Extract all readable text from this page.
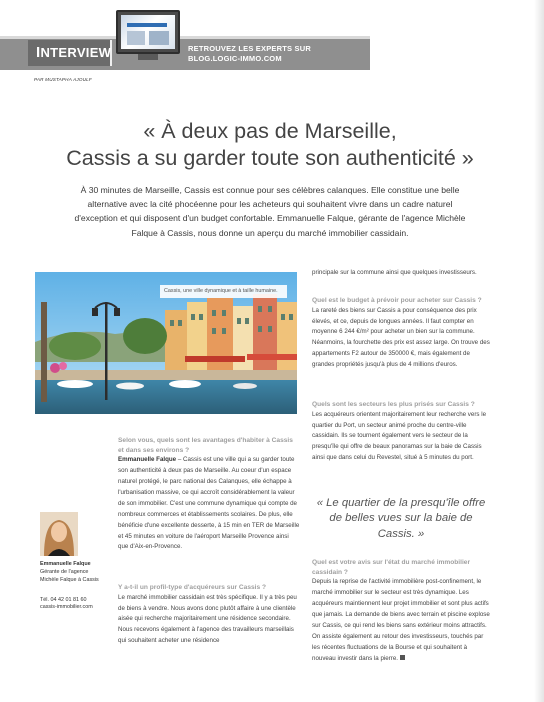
INTERVIEW	RETROUVEZ LES EXPERTS SUR
BLOG.LOGIC-IMMO.COM
PAR MUSTAPHA AJOULF
« À deux pas de Marseille,
Cassis a su garder toute son authenticité »
À 30 minutes de Marseille, Cassis est connue pour ses célèbres calanques. Elle constitue une belle alternative avec la cité phocéenne pour les acheteurs qui souhaitent vivre dans un cadre naturel d'exception et qui disposent d'un budget confortable. Emmanuelle Falque, gérante de l'agence Michèle Falque à Cassis, nous donne un aperçu du marché immobilier cassidain.
Cassis, une ville dynamique et à taille humaine.
Selon vous, quels sont les avantages d'habiter à Cassis et dans ses environs ?
Emmanuelle Falque – Cassis est une ville qui a su garder toute son authenticité à deux pas de Marseille. Au coeur d'un espace naturel protégé, le parc national des Calanques, elle échappe à l'urbanisation massive, ce qui accroît considérablement la valeur de son immobilier. C'est une commune dynamique qui compte de nombreux commerces et établissements scolaires. De plus, elle bénéficie d'une excellente desserte, à 15 min en TER de Marseille et 45 minutes en voiture de l'aéroport Marseille Provence ainsi que d'Aix-en-Provence.
Y a-t-il un profil-type d'acquéreurs sur Cassis ?
Le marché immobilier cassidain est très spécifique. Il y a très peu de biens à vendre. Nous avons donc plutôt affaire à une clientèle aisée qui recherche majoritairement une résidence secondaire. Nous recevons également à l'agence des travailleurs marseillais qui souhaitent acheter une résidence
Emmanuelle Falque
Gérante de l'agence
Michèle Falque à Cassis
Tél. 04 42 01 81 60
cassis-immobilier.com
principale sur la commune ainsi que quelques investisseurs.
Quel est le budget à prévoir pour acheter sur Cassis ?
La rareté des biens sur Cassis a pour conséquence des prix élevés, et ce, depuis de longues années. Il faut compter en moyenne 6 244 €/m² pour acheter un bien sur la commune. Néanmoins, la fourchette des prix est assez large. On trouve des appartements F2 autour de 350000 €, mais également de grandes propriétés jusqu'à plus de 4 millions d'euros.
Quels sont les secteurs les plus prisés sur Cassis ?
Les acquéreurs orientent majoritairement leur recherche vers le quartier du Port, un secteur animé proche du centre-ville cassidain. Ils se tournent également vers le secteur de la presqu'île qui offre de beaux panoramas sur la baie de Cassis ainsi que dans celui du Revestel, situé à 5 minutes du port.
« Le quartier de la presqu'île offre de belles vues sur la baie de Cassis. »
Quel est votre avis sur l'état du marché immobilier cassidain ?
Depuis la reprise de l'activité immobilière post-confinement, le marché immobilier sur le secteur est très dynamique. Les acquéreurs maintiennent leur projet immobilier et sont plus actifs que jamais. La demande de biens avec terrain et piscine explose sur Cassis, ce qui rend les biens sans extérieur moins attractifs. On assiste également au retour des investisseurs, touchés par les récentes fluctuations de la Bourse et qui souhaitent à nouveau investir dans la pierre.
